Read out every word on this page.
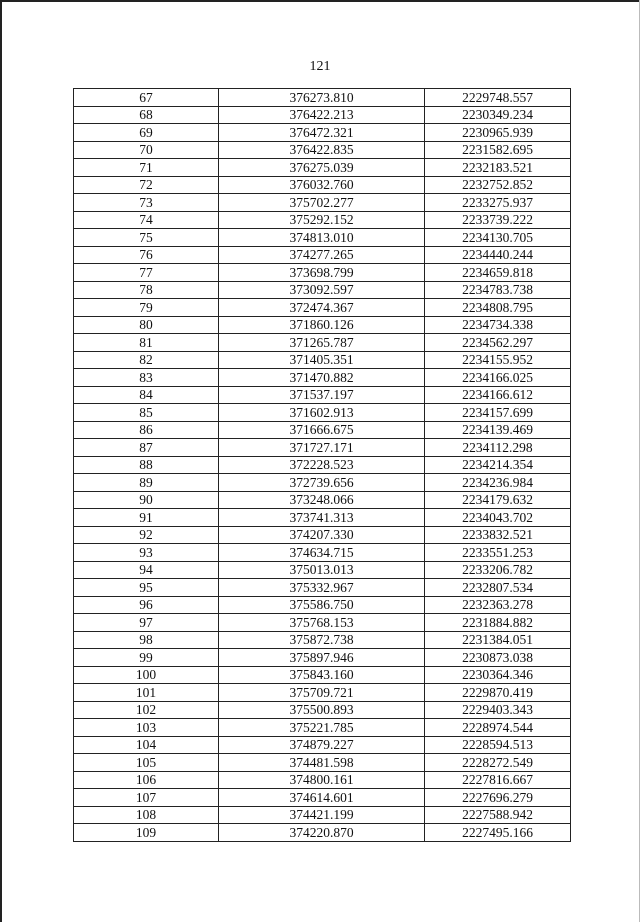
121
67	376273.810	2229748.557
68	376422.213	2230349.234
69	376472.321	2230965.939
70	376422.835	2231582.695
71	376275.039	2232183.521
72	376032.760	2232752.852
73	375702.277	2233275.937
74	375292.152	2233739.222
75	374813.010	2234130.705
76	374277.265	2234440.244
77	373698.799	2234659.818
78	373092.597	2234783.738
79	372474.367	2234808.795
80	371860.126	2234734.338
81	371265.787	2234562.297
82	371405.351	2234155.952
83	371470.882	2234166.025
84	371537.197	2234166.612
85	371602.913	2234157.699
86	371666.675	2234139.469
87	371727.171	2234112.298
88	372228.523	2234214.354
89	372739.656	2234236.984
90	373248.066	2234179.632
91	373741.313	2234043.702
92	374207.330	2233832.521
93	374634.715	2233551.253
94	375013.013	2233206.782
95	375332.967	2232807.534
96	375586.750	2232363.278
97	375768.153	2231884.882
98	375872.738	2231384.051
99	375897.946	2230873.038
100	375843.160	2230364.346
101	375709.721	2229870.419
102	375500.893	2229403.343
103	375221.785	2228974.544
104	374879.227	2228594.513
105	374481.598	2228272.549
106	374800.161	2227816.667
107	374614.601	2227696.279
108	374421.199	2227588.942
109	374220.870	2227495.166
